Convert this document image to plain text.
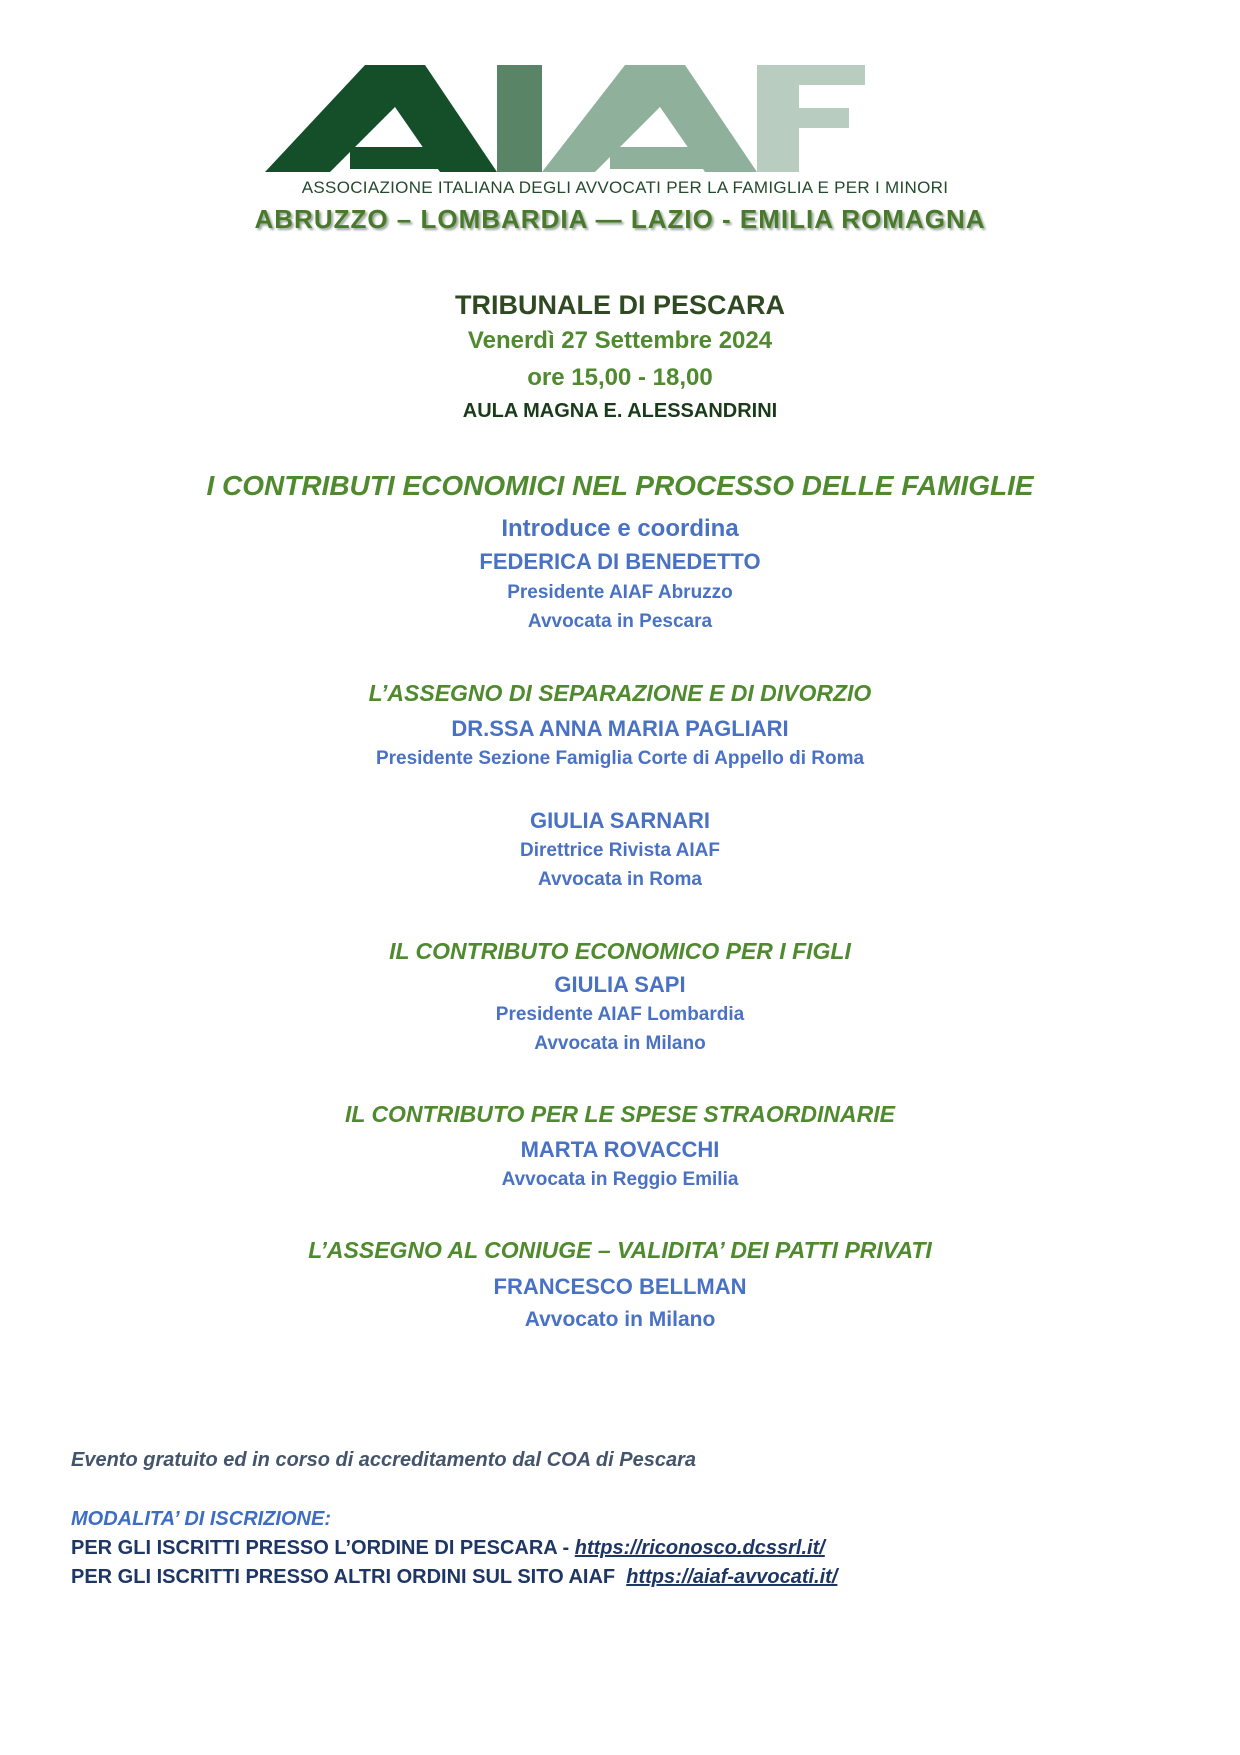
ASSOCIAZIONE ITALIANA DEGLI AVVOCATI PER LA FAMIGLIA E PER I MINORI
ABRUZZO – LOMBARDIA — LAZIO - EMILIA ROMAGNA
TRIBUNALE DI PESCARA
Venerdì 27 Settembre 2024
ore 15,00 - 18,00
AULA MAGNA E. ALESSANDRINI
I CONTRIBUTI ECONOMICI NEL PROCESSO DELLE FAMIGLIE
Introduce e coordina
FEDERICA DI BENEDETTO
Presidente AIAF Abruzzo
Avvocata in Pescara
L’ASSEGNO DI SEPARAZIONE E DI DIVORZIO
DR.SSA ANNA MARIA PAGLIARI
Presidente Sezione Famiglia Corte di Appello di Roma
GIULIA SARNARI
Direttrice Rivista AIAF
Avvocata in Roma
IL CONTRIBUTO ECONOMICO PER I FIGLI
GIULIA SAPI
Presidente AIAF Lombardia
Avvocata in Milano
IL CONTRIBUTO PER LE SPESE STRAORDINARIE
MARTA ROVACCHI
Avvocata in Reggio Emilia
L’ASSEGNO AL CONIUGE – VALIDITA’ DEI PATTI PRIVATI
FRANCESCO BELLMAN
Avvocato in Milano
Evento gratuito ed in corso di accreditamento dal COA di Pescara
MODALITA’ DI ISCRIZIONE:
PER GLI ISCRITTI PRESSO L’ORDINE DI PESCARA - https://riconosco.dcssrl.it/
PER GLI ISCRITTI PRESSO ALTRI ORDINI SUL SITO AIAF  https://aiaf-avvocati.it/
